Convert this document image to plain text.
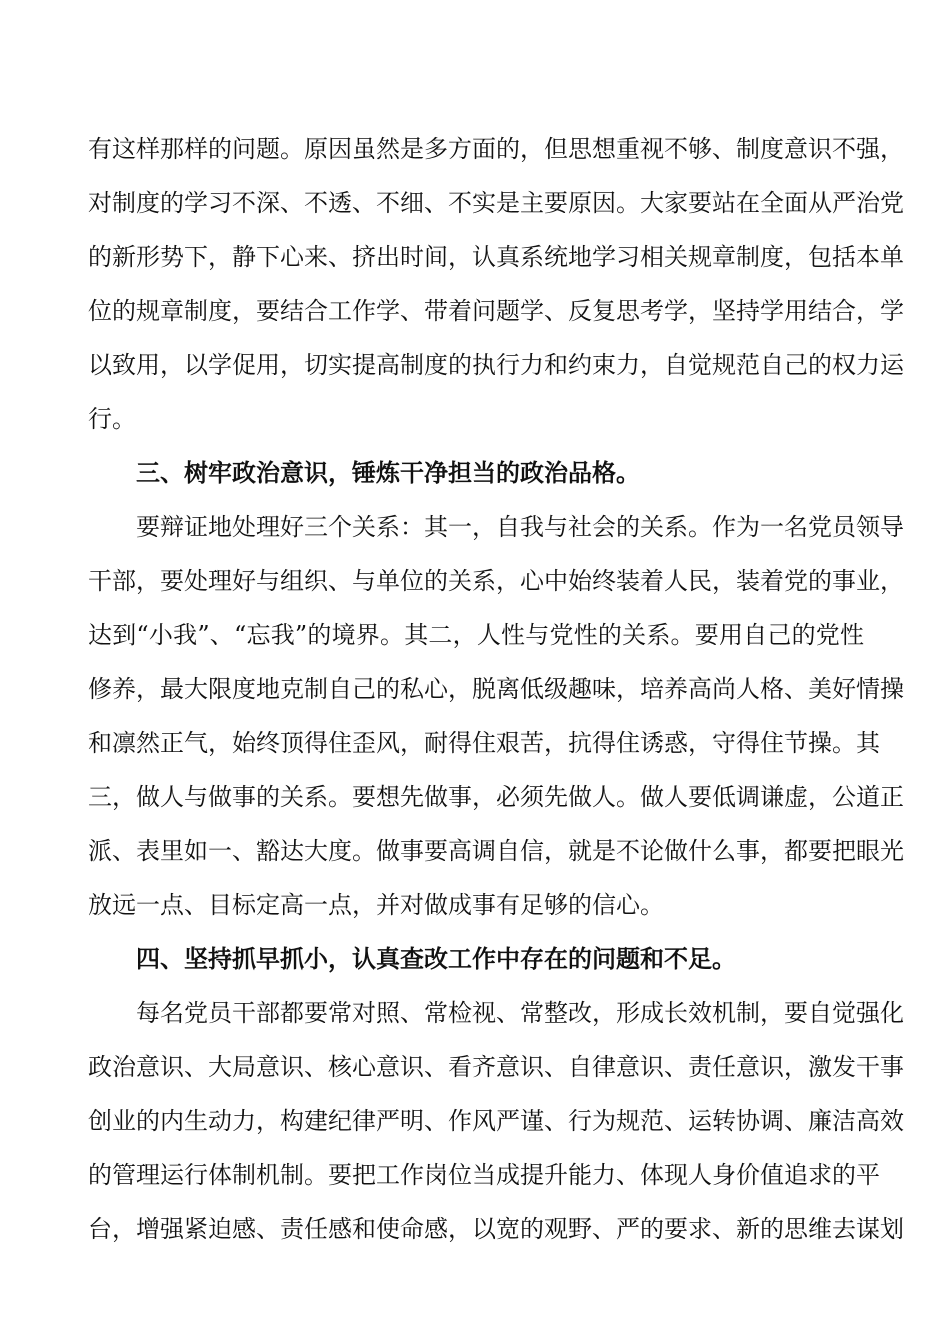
有这样那样的问题。原因虽然是多方面的，但思想重视不够、制度意识不强，
对制度的学习不深、不透、不细、不实是主要原因。大家要站在全面从严治党
的新形势下，静下心来、挤出时间，认真系统地学习相关规章制度，包括本单
位的规章制度，要结合工作学、带着问题学、反复思考学，坚持学用结合，学
以致用，以学促用，切实提高制度的执行力和约束力，自觉规范自己的权力运
行。
三、树牢政治意识，锤炼干净担当的政治品格。
要辩证地处理好三个关系：其一，自我与社会的关系。作为一名党员领导
干部，要处理好与组织、与单位的关系，心中始终装着人民，装着党的事业，
达到“小我”、“忘我”的境界。其二，人性与党性的关系。要用自己的党性
修养，最大限度地克制自己的私心，脱离低级趣味，培养高尚人格、美好情操
和凛然正气，始终顶得住歪风，耐得住艰苦，抗得住诱惑，守得住节操。其
三，做人与做事的关系。要想先做事，必须先做人。做人要低调谦虚，公道正
派、表里如一、豁达大度。做事要高调自信，就是不论做什么事，都要把眼光
放远一点、目标定高一点，并对做成事有足够的信心。
四、坚持抓早抓小，认真查改工作中存在的问题和不足。
每名党员干部都要常对照、常检视、常整改，形成长效机制，要自觉强化
政治意识、大局意识、核心意识、看齐意识、自律意识、责任意识，激发干事
创业的内生动力，构建纪律严明、作风严谨、行为规范、运转协调、廉洁高效
的管理运行体制机制。要把工作岗位当成提升能力、体现人身价值追求的平
台，增强紧迫感、责任感和使命感，以宽的观野、严的要求、新的思维去谋划
